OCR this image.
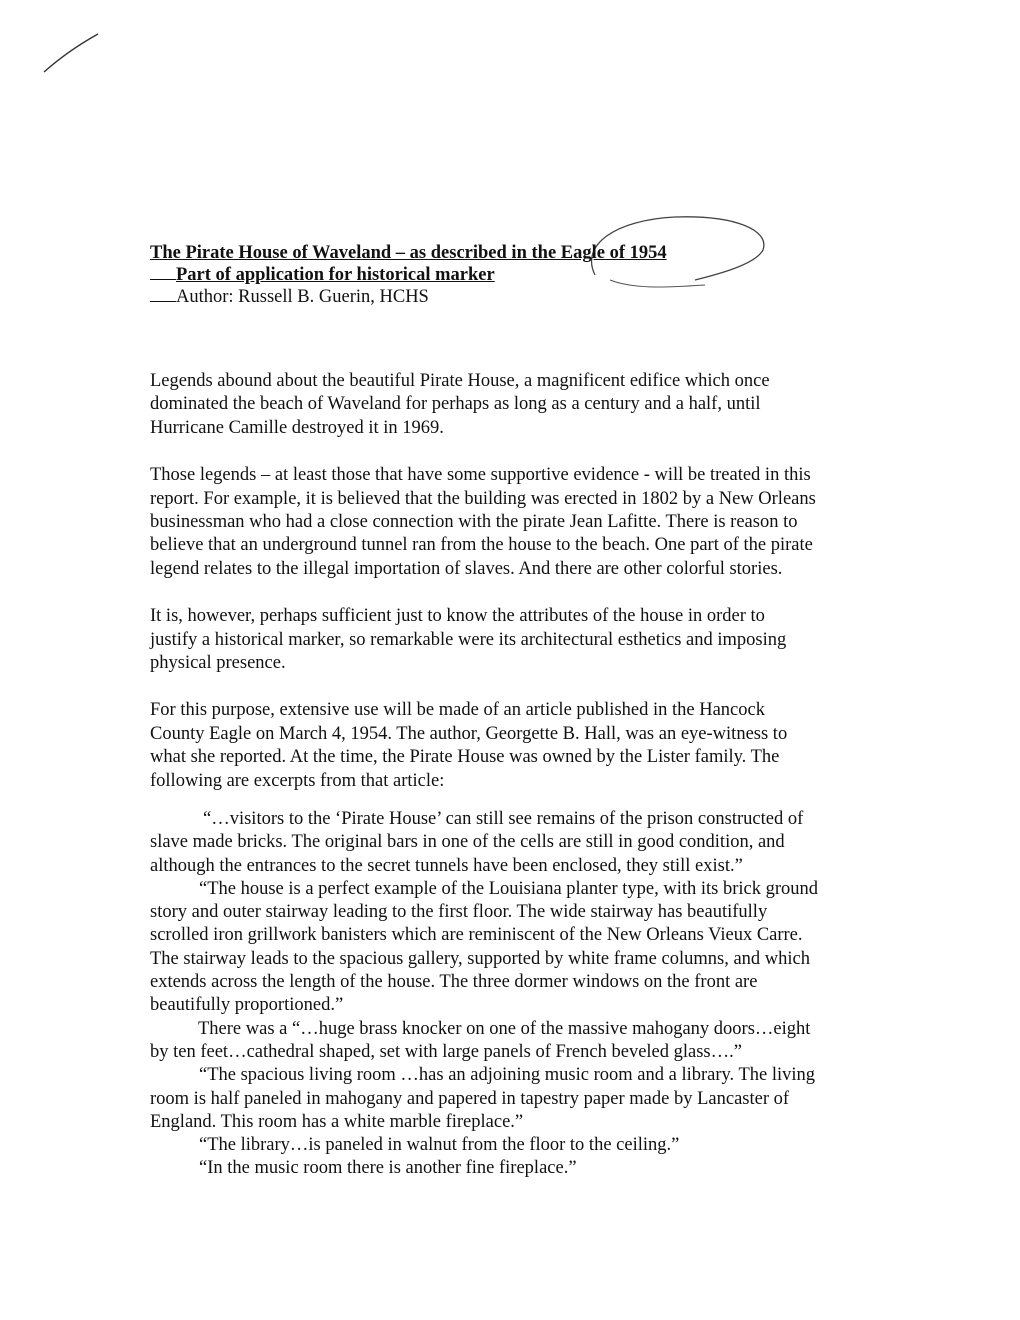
The Pirate House of Waveland – as described in the Eagle of 1954
Part of application for historical marker
Author: Russell B. Guerin, HCHS
Legends abound about the beautiful Pirate House, a magnificent edifice which once
dominated the beach of Waveland for perhaps as long as a century and a half, until
Hurricane Camille destroyed it in 1969.
Those legends – at least those that have some supportive evidence - will be treated in this
report. For example, it is believed that the building was erected in 1802 by a New Orleans
businessman who had a close connection with the pirate Jean Lafitte. There is reason to
believe that an underground tunnel ran from the house to the beach. One part of the pirate
legend relates to the illegal importation of slaves. And there are other colorful stories.
It is, however, perhaps sufficient just to know the attributes of the house in order to
justify a historical marker, so remarkable were its architectural esthetics and imposing
physical presence.
For this purpose, extensive use will be made of an article published in the Hancock
County Eagle on March 4, 1954. The author, Georgette B. Hall, was an eye-witness to
what she reported. At the time, the Pirate House was owned by the Lister family. The
following are excerpts from that article:
“…visitors to the ‘Pirate House’ can still see remains of the prison constructed of
slave made bricks. The original bars in one of the cells are still in good condition, and
although the entrances to the secret tunnels have been enclosed, they still exist.”
“The house is a perfect example of the Louisiana planter type, with its brick ground
story and outer stairway leading to the first floor. The wide stairway has beautifully
scrolled iron grillwork banisters which are reminiscent of the New Orleans Vieux Carre.
The stairway leads to the spacious gallery, supported by white frame columns, and which
extends across the length of the house. The three dormer windows on the front are
beautifully proportioned.”
There was a “…huge brass knocker on one of the massive mahogany doors…eight
by ten feet…cathedral shaped, set with large panels of French beveled glass….”
“The spacious living room …has an adjoining music room and a library. The living
room is half paneled in mahogany and papered in tapestry paper made by Lancaster of
England. This room has a white marble fireplace.”
“The library…is paneled in walnut from the floor to the ceiling.”
“In the music room there is another fine fireplace.”
